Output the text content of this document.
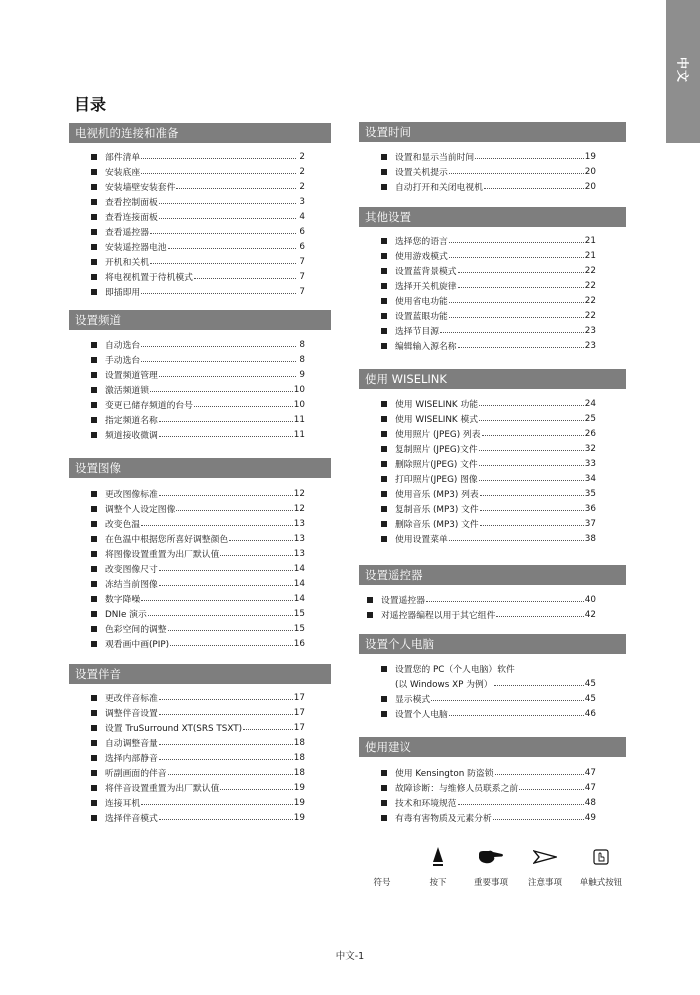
中文
目录
电视机的连接和准备
部件清单	2
安装底座	2
安装墙壁安装套件	2
查看控制面板	3
查看连接面板	4
查看遥控器	6
安装遥控器电池	6
开机和关机	7
将电视机置于待机模式	7
即插即用	7
设置频道
自动选台	8
手动选台	8
设置频道管理	9
激活频道锁	10
变更已储存频道的台号	10
指定频道名称	11
频道接收微调	11
设置图像
更改图像标准	12
调整个人设定图像	12
改变色温	13
在色温中根据您所喜好调整颜色	13
将图像设置重置为出厂默认值	13
改变图像尺寸	14
冻结当前图像	14
数字降噪	14
DNIe 演示	15
色彩空间的调整	15
观看画中画(PIP)	16
设置伴音
更改伴音标准	17
调整伴音设置	17
设置 TruSurround XT(SRS TSXT)	17
自动调整音量	18
选择内部静音	18
听副画面的伴音	18
将伴音设置重置为出厂默认值	19
连接耳机	19
选择伴音模式	19
设置时间
设置和显示当前时间	19
设置关机提示	20
自动打开和关闭电视机	20
其他设置
选择您的语言	21
使用游戏模式	21
设置蓝背景模式	22
选择开关机旋律	22
使用省电功能	22
设置蓝眼功能	22
选择节目源	23
编辑输入源名称	23
使用 WISELINK
使用 WISELINK 功能	24
使用 WISELINK 模式	25
使用照片 (JPEG) 列表	26
复制照片 (JPEG)文件	32
删除照片(JPEG) 文件	33
打印照片(JPEG) 图像	34
使用音乐 (MP3) 列表	35
复制音乐 (MP3) 文件	36
删除音乐 (MP3) 文件	37
使用设置菜单	38
设置遥控器
设置遥控器	40
对遥控器编程以用于其它组件	42
设置个人电脑
设置您的 PC（个人电脑）软件
(以 Windows XP 为例）	45
显示模式	45
设置个人电脑	46
使用建议
使用 Kensington 防盗锁	47
故障诊断：与维修人员联系之前	47
技术和环境规范	48
有毒有害物质及元素分析	49
符号	按下	重要事项	注意事项	单触式按钮
中文-1
